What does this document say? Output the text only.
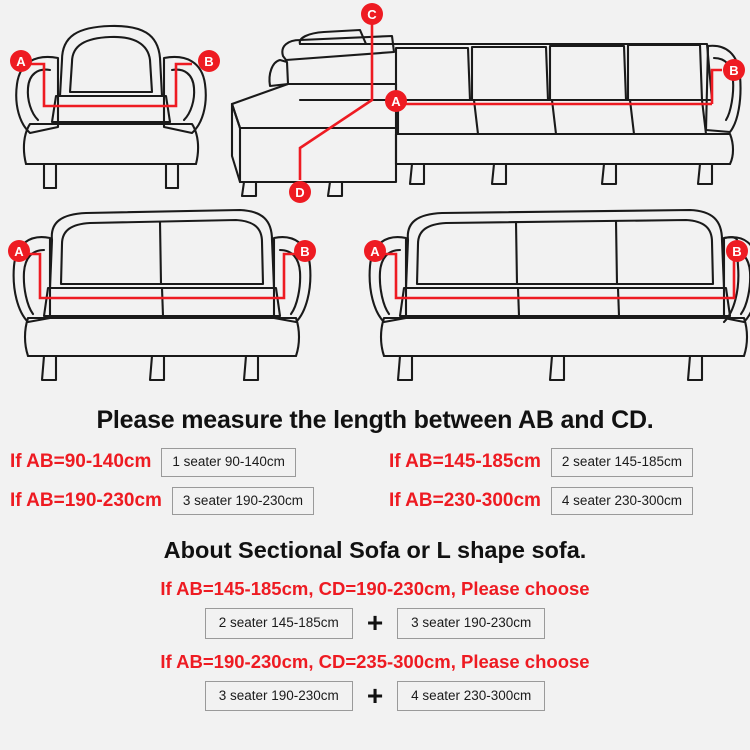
A	B
C
D
A
B
A	B	A	B
Please measure the length between AB and CD.
If AB=90-140cm	1 seater 90-140cm	If AB=145-185cm	2 seater 145-185cm
If AB=190-230cm	3 seater 190-230cm	If AB=230-300cm	4 seater 230-300cm
About Sectional Sofa or L shape sofa.
If AB=145-185cm, CD=190-230cm, Please choose
2 seater 145-185cm	+	3 seater 190-230cm
If AB=190-230cm, CD=235-300cm, Please choose
3 seater 190-230cm	+	4 seater 230-300cm
